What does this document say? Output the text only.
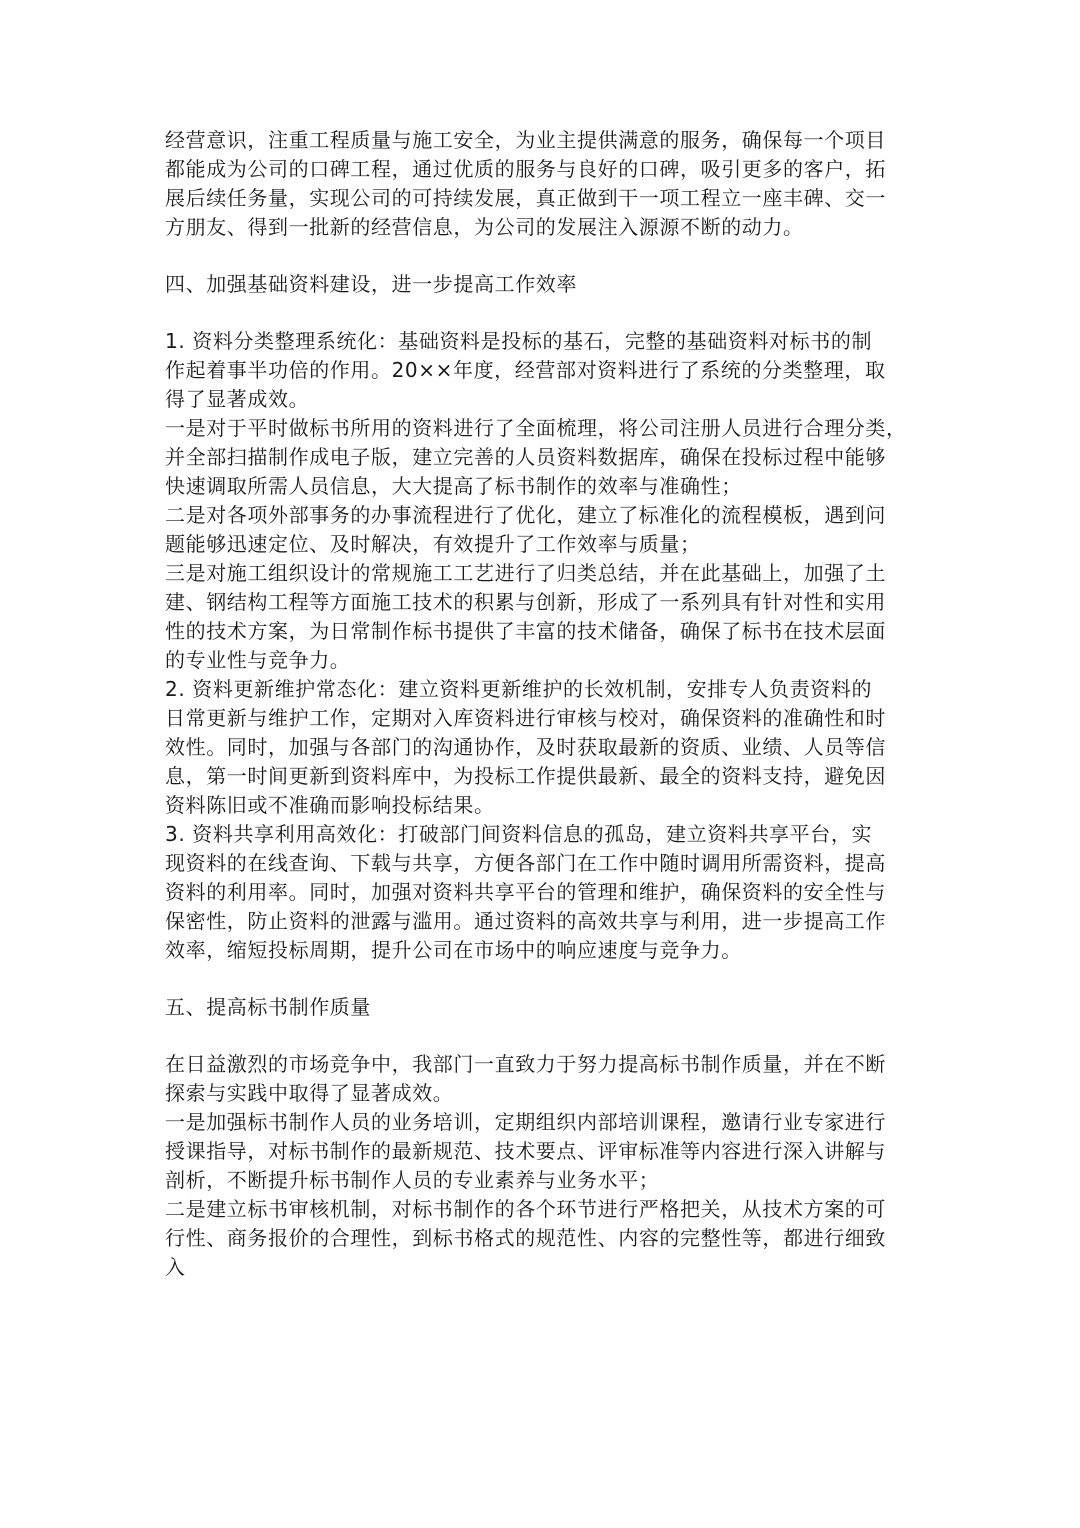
经营意识，注重工程质量与施工安全，为业主提供满意的服务，确保每一个项目
都能成为公司的口碑工程，通过优质的服务与良好的口碑，吸引更多的客户，拓
展后续任务量，实现公司的可持续发展，真正做到干一项工程立一座丰碑、交一
方朋友、得到一批新的经营信息，为公司的发展注入源源不断的动力。
四、加强基础资料建设，进一步提高工作效率
1. 资料分类整理系统化：基础资料是投标的基石，完整的基础资料对标书的制
作起着事半功倍的作用。20××年度，经营部对资料进行了系统的分类整理，取
得了显著成效。
一是对于平时做标书所用的资料进行了全面梳理，将公司注册人员进行合理分类，
并全部扫描制作成电子版，建立完善的人员资料数据库，确保在投标过程中能够
快速调取所需人员信息，大大提高了标书制作的效率与准确性；
二是对各项外部事务的办事流程进行了优化，建立了标准化的流程模板，遇到问
题能够迅速定位、及时解决，有效提升了工作效率与质量；
三是对施工组织设计的常规施工工艺进行了归类总结，并在此基础上，加强了土
建、钢结构工程等方面施工技术的积累与创新，形成了一系列具有针对性和实用
性的技术方案，为日常制作标书提供了丰富的技术储备，确保了标书在技术层面
的专业性与竞争力。
2. 资料更新维护常态化：建立资料更新维护的长效机制，安排专人负责资料的
日常更新与维护工作，定期对入库资料进行审核与校对，确保资料的准确性和时
效性。同时，加强与各部门的沟通协作，及时获取最新的资质、业绩、人员等信
息，第一时间更新到资料库中，为投标工作提供最新、最全的资料支持，避免因
资料陈旧或不准确而影响投标结果。
3. 资料共享利用高效化：打破部门间资料信息的孤岛，建立资料共享平台，实
现资料的在线查询、下载与共享，方便各部门在工作中随时调用所需资料，提高
资料的利用率。同时，加强对资料共享平台的管理和维护，确保资料的安全性与
保密性，防止资料的泄露与滥用。通过资料的高效共享与利用，进一步提高工作
效率，缩短投标周期，提升公司在市场中的响应速度与竞争力。
五、提高标书制作质量
在日益激烈的市场竞争中，我部门一直致力于努力提高标书制作质量，并在不断
探索与实践中取得了显著成效。
一是加强标书制作人员的业务培训，定期组织内部培训课程，邀请行业专家进行
授课指导，对标书制作的最新规范、技术要点、评审标准等内容进行深入讲解与
剖析，不断提升标书制作人员的专业素养与业务水平；
二是建立标书审核机制，对标书制作的各个环节进行严格把关，从技术方案的可
行性、商务报价的合理性，到标书格式的规范性、内容的完整性等，都进行细致
入
